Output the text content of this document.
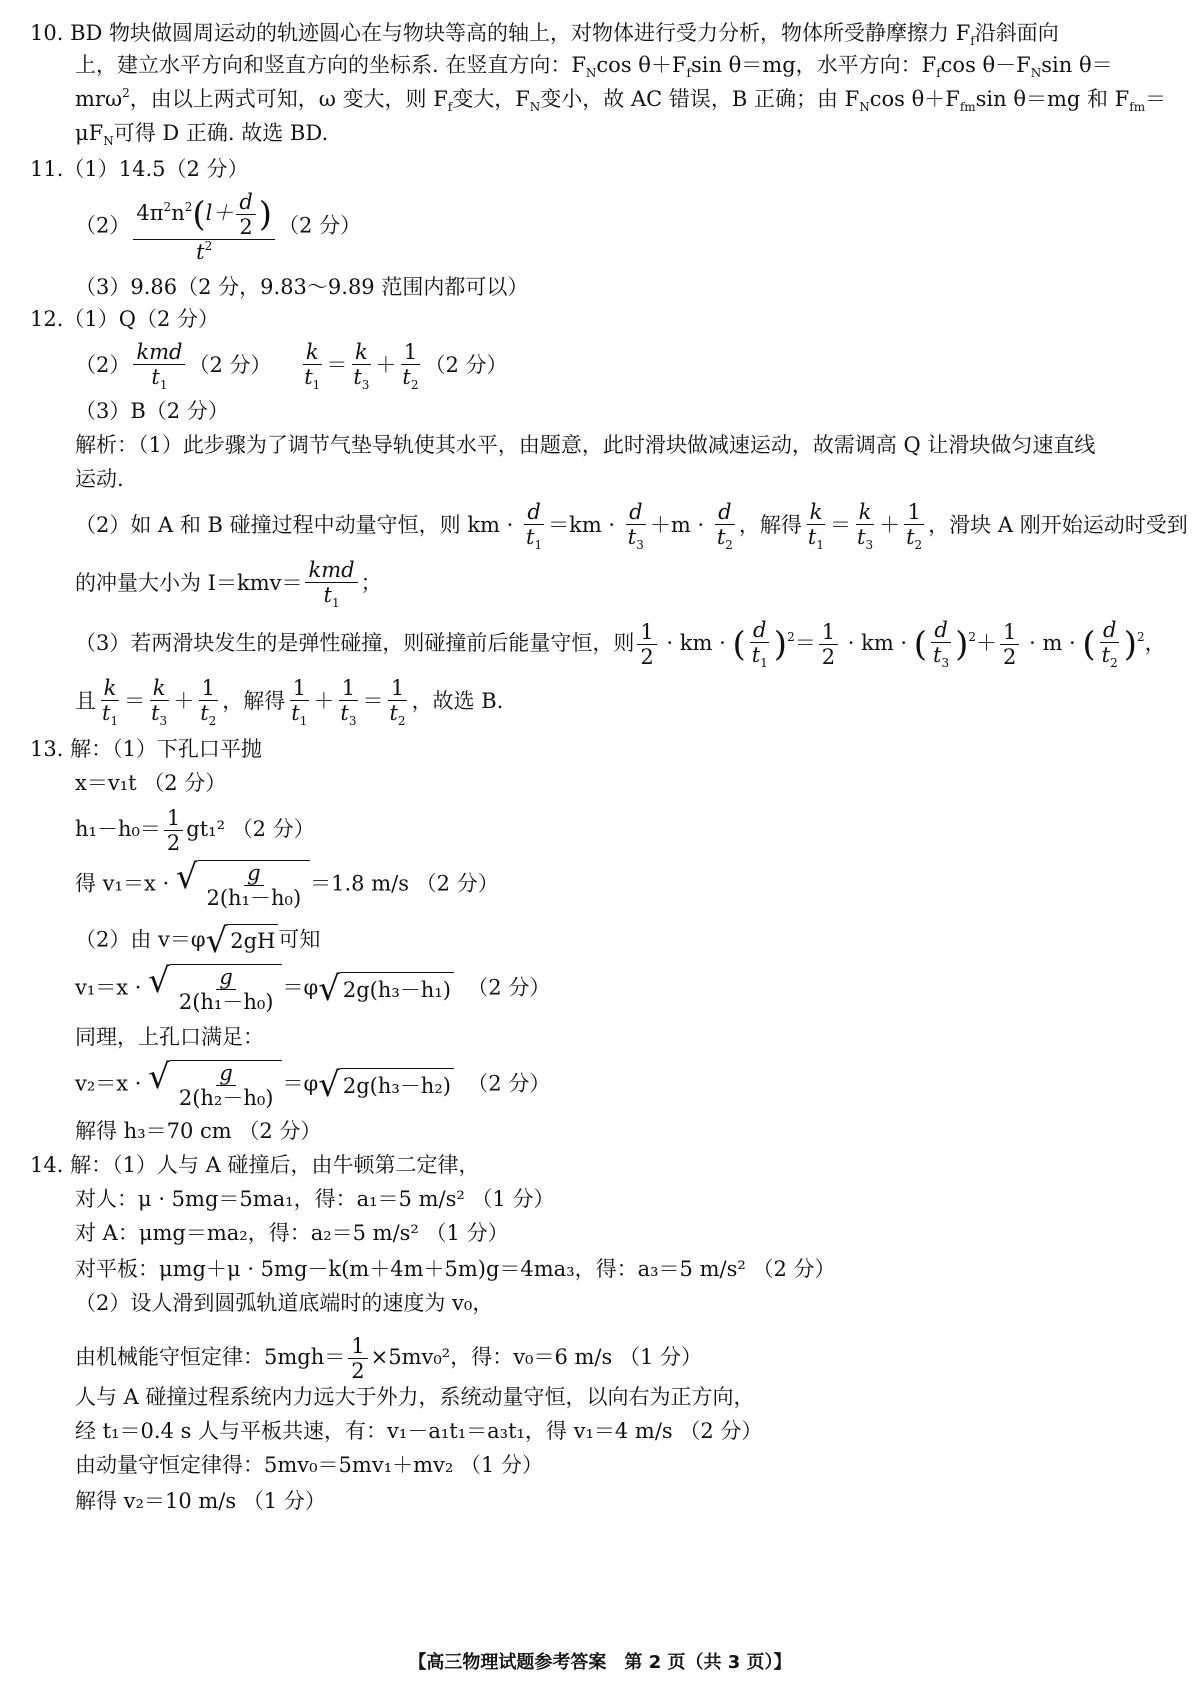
10. BD 物块做圆周运动的轨迹圆心在与物块等高的轴上，对物体进行受力分析，物体所受静摩擦力 $F_f$沿斜面向
上，建立水平方向和竖直方向的坐标系. 在竖直方向：$F_N\cos$ $\theta+F_f\sin$ θ＝mg，水平方向：$F_f\cos$ $\theta-F_N\sin$ θ＝
mrω$^2$，由以上两式可知，ω 变大，则 $F_f$变大，$F_N$变小，故 AC 错误，B 正确；由 $F_N\cos$ $\theta+F_{fm}\sin$ θ＝mg 和 $F_{fm}=$
$\mu F_N$可得 D 正确. 故选 BD.
11.（1）14.5（2 分）
$(2) \frac{4\pi^2n^2(l+ \frac{d}{2} )}{t^2} (2$ 分）
（3）9.86（2 分，9.83～9.89 范围内都可以）
12.（1）Q（2 分）
$(2) \frac{\text{kmd}}{t_1} (2$ 分） $\frac{k}{t_1} = \frac{k}{t_3} + \frac{1}{t_2} (2$ 分）
（3）B（2 分）
解析：（1）此步骤为了调节气垫导轨使其水平，由题意，此时滑块做减速运动，故需调高 Q 让滑块做匀速直线
运动.
（2）如 A 和 B 碰撞过程中动量守恒，则 km · $\frac{d}{t_1} =km \cdot \frac{d}{t_3} +m \cdot \frac{d}{t_2}$ ，解得 $\frac{k}{t_1} = \frac{k}{t_3} + \frac{1}{t_2}$ ，滑块 A 刚开始运动时受到
的冲量大小为 $I=kmv= \frac{\text{kmd}}{t_1}$ ；
（3）若两滑块发生的是弹性碰撞，则碰撞前后能量守恒，则 $\frac{1}{2}$ · km · ( $\frac{d}{t_1} )^2= \frac{1}{2}$ · km · ( $\frac{d}{t_3} )^2+ \frac{1}{2} \cdot m$ · ( $\frac{d}{t_2} )^2$，
且 $\frac{k}{t_1} = \frac{k}{t_3} + \frac{1}{t_2}$ ，解得 $\frac{1}{t_1} + \frac{1}{t_3} = \frac{1}{t_2}$ ，故选 B.
13. 解：（1）下孔口平抛
x＝v₁t （2 分）
$h_1-h_0= \frac{1}{2} gt_1^2$ （2 分）
得 v₁＝x · √ $\frac{g}{\text{2(h₁－h₀)}} =1.8$ m/s （2 分）
（2）由 v＝φ √ 2gH 可知
v₁＝x · √ $\frac{g}{\text{2(h₁－h₀)}} =\varphi$ √ 2g(h₃－h₁) （2 分）
同理，上孔口满足：
v₂＝x · √ $\frac{g}{\text{2(h₂－h₀)}} =\varphi$ √ 2g(h₃－h₂) （2 分）
解得 h₃＝70 cm （2 分）
14. 解：（1）人与 A 碰撞后，由牛顿第二定律，
对人：μ · 5mg＝5ma₁，得：a₁＝5 m/s² （1 分）
对 A：μmg＝ma₂，得：a₂＝5 m/s² （1 分）
对平板：μmg＋μ · 5mg－k(m＋4m＋5m)g＝4ma₃，得：a₃＝5 m/s² （2 分）
（2）设人滑到圆弧轨道底端时的速度为 v₀，
由机械能守恒定律：$5mgh= \frac{1}{2} \times 5mv_0^2$，得：v₀＝6 m/s （1 分）
人与 A 碰撞过程系统内力远大于外力，系统动量守恒，以向右为正方向，
经 t₁＝0.4 s 人与平板共速，有：v₁－a₁t₁＝a₃t₁，得 v₁＝4 m/s （2 分）
由动量守恒定律得：5mv₀＝5mv₁＋mv₂ （1 分）
解得 v₂＝10 m/s （1 分）
【高三物理试题参考答案　第 2 页（共 3 页）】
